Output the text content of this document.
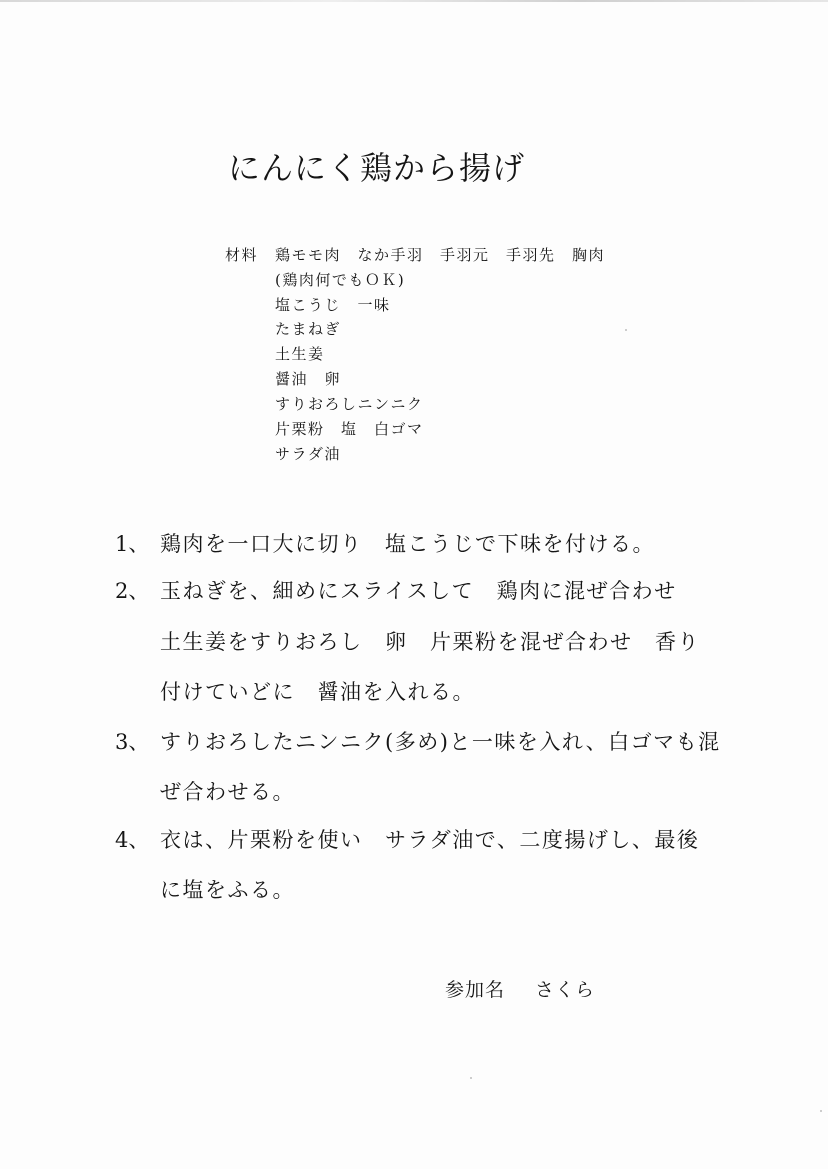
にんにく鶏から揚げ
材料 鶏モモ肉　なか手羽　手羽元　手羽先　胸肉
(鶏肉何でもＯＫ)
塩こうじ　一味
たまねぎ
土生姜
醤油　卵
すりおろしニンニク
片栗粉　塩　白ゴマ
サラダ油
1、 鶏肉を一口大に切り　塩こうじで下味を付ける。
2、 玉ねぎを、細めにスライスして　鶏肉に混ぜ合わせ
土生姜をすりおろし　卵　片栗粉を混ぜ合わせ　香り
付けていどに　醤油を入れる。
3、 すりおろしたニンニク(多め)と一味を入れ、白ゴマも混
ぜ合わせる。
4、 衣は、片栗粉を使い　サラダ油で、二度揚げし、最後
に塩をふる。
参加名 さくら
